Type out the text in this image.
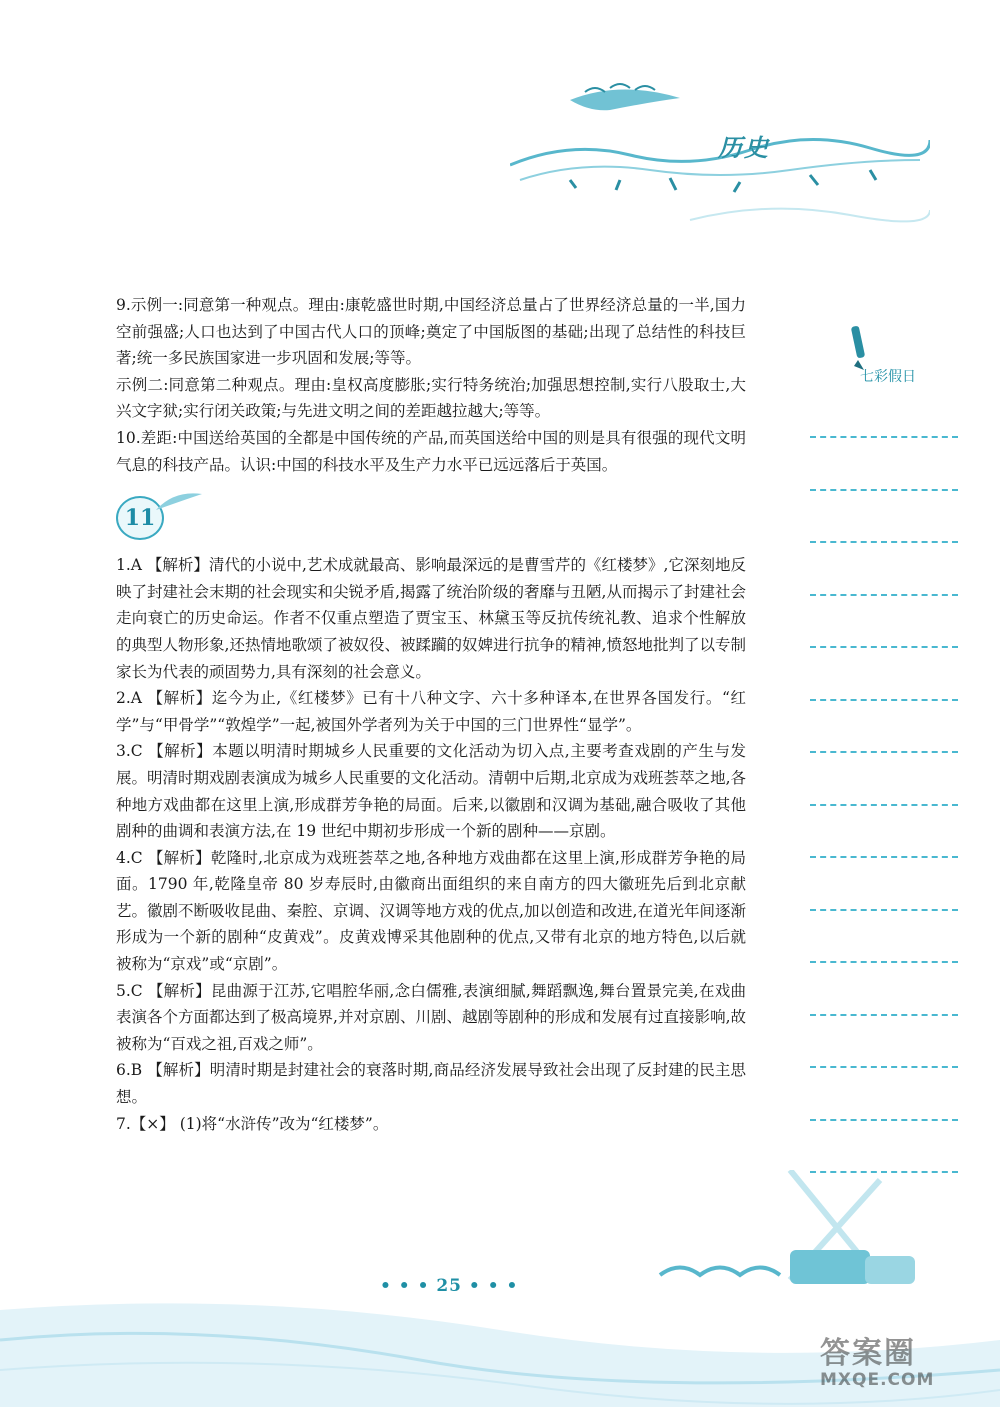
历史
七彩假日

9.示例一:同意第一种观点。理由:康乾盛世时期,中国经济总量占了世界经济总量的一半,国力空前强盛;人口也达到了中国古代人口的顶峰;奠定了中国版图的基础;出现了总结性的科技巨著;统一多民族国家进一步巩固和发展;等等。

示例二:同意第二种观点。理由:皇权高度膨胀;实行特务统治;加强思想控制,实行八股取士,大兴文字狱;实行闭关政策;与先进文明之间的差距越拉越大;等等。

10.差距:中国送给英国的全都是中国传统的产品,而英国送给中国的则是具有很强的现代文明气息的科技产品。认识:中国的科技水平及生产力水平已远远落后于英国。

11

1.A 【解析】清代的小说中,艺术成就最高、影响最深远的是曹雪芹的《红楼梦》,它深刻地反映了封建社会末期的社会现实和尖锐矛盾,揭露了统治阶级的奢靡与丑陋,从而揭示了封建社会走向衰亡的历史命运。作者不仅重点塑造了贾宝玉、林黛玉等反抗传统礼教、追求个性解放的典型人物形象,还热情地歌颂了被奴役、被蹂躏的奴婢进行抗争的精神,愤怒地批判了以专制家长为代表的顽固势力,具有深刻的社会意义。

2.A 【解析】迄今为止,《红楼梦》已有十八种文字、六十多种译本,在世界各国发行。“红学”与“甲骨学”“敦煌学”一起,被国外学者列为关于中国的三门世界性“显学”。

3.C 【解析】本题以明清时期城乡人民重要的文化活动为切入点,主要考查戏剧的产生与发展。明清时期戏剧表演成为城乡人民重要的文化活动。清朝中后期,北京成为戏班荟萃之地,各种地方戏曲都在这里上演,形成群芳争艳的局面。后来,以徽剧和汉调为基础,融合吸收了其他剧种的曲调和表演方法,在 19 世纪中期初步形成一个新的剧种——京剧。

4.C 【解析】乾隆时,北京成为戏班荟萃之地,各种地方戏曲都在这里上演,形成群芳争艳的局面。1790 年,乾隆皇帝 80 岁寿辰时,由徽商出面组织的来自南方的四大徽班先后到北京献艺。徽剧不断吸收昆曲、秦腔、京调、汉调等地方戏的优点,加以创造和改进,在道光年间逐渐形成为一个新的剧种“皮黄戏”。皮黄戏博采其他剧种的优点,又带有北京的地方特色,以后就被称为“京戏”或“京剧”。

5.C 【解析】昆曲源于江苏,它唱腔华丽,念白儒雅,表演细腻,舞蹈飘逸,舞台置景完美,在戏曲表演各个方面都达到了极高境界,并对京剧、川剧、越剧等剧种的形成和发展有过直接影响,故被称为“百戏之祖,百戏之师”。

6.B 【解析】明清时期是封建社会的衰落时期,商品经济发展导致社会出现了反封建的民主思想。

7.【×】 (1)将“水浒传”改为“红楼梦”。

• • • 25 • • •
答案圈
MXQE.COM
